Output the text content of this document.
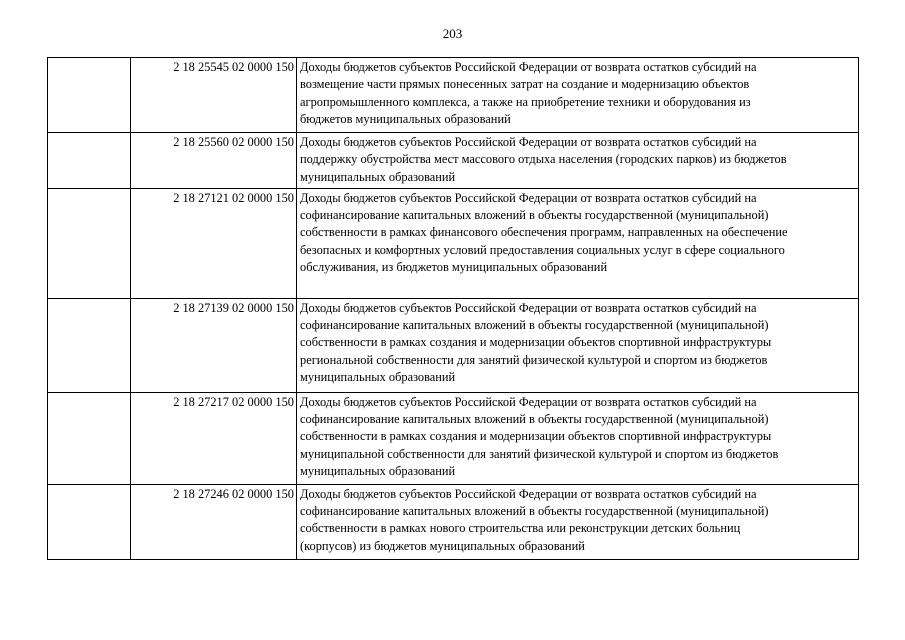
203
	2 18 25545 02 0000 150	Доходы бюджетов субъектов Российской Федерации от возврата остатков субсидий на
возмещение части прямых понесенных затрат на создание и модернизацию объектов
агропромышленного комплекса, а также на приобретение техники и оборудования из
бюджетов муниципальных образований

	2 18 25560 02 0000 150	Доходы бюджетов субъектов Российской Федерации от возврата остатков субсидий на
поддержку обустройства мест массового отдыха населения (городских парков) из бюджетов
муниципальных образований

	2 18 27121 02 0000 150	Доходы бюджетов субъектов Российской Федерации от возврата остатков субсидий на
софинансирование капитальных вложений в объекты государственной (муниципальной)
собственности в рамках финансового обеспечения программ, направленных на обеспечение
безопасных и комфортных условий предоставления социальных услуг в сфере социального
обслуживания, из бюджетов муниципальных образований

	2 18 27139 02 0000 150	Доходы бюджетов субъектов Российской Федерации от возврата остатков субсидий на
софинансирование капитальных вложений в объекты государственной (муниципальной)
собственности в рамках создания и модернизации объектов спортивной инфраструктуры
региональной собственности для занятий физической культурой и спортом из бюджетов
муниципальных образований

	2 18 27217 02 0000 150	Доходы бюджетов субъектов Российской Федерации от возврата остатков субсидий на
софинансирование капитальных вложений в объекты государственной (муниципальной)
собственности в рамках создания и модернизации объектов спортивной инфраструктуры
муниципальной собственности для занятий физической культурой и спортом из бюджетов
муниципальных образований

	2 18 27246 02 0000 150	Доходы бюджетов субъектов Российской Федерации от возврата остатков субсидий на
софинансирование капитальных вложений в объекты государственной (муниципальной)
собственности в рамках нового строительства или реконструкции детских больниц
(корпусов) из бюджетов муниципальных образований
